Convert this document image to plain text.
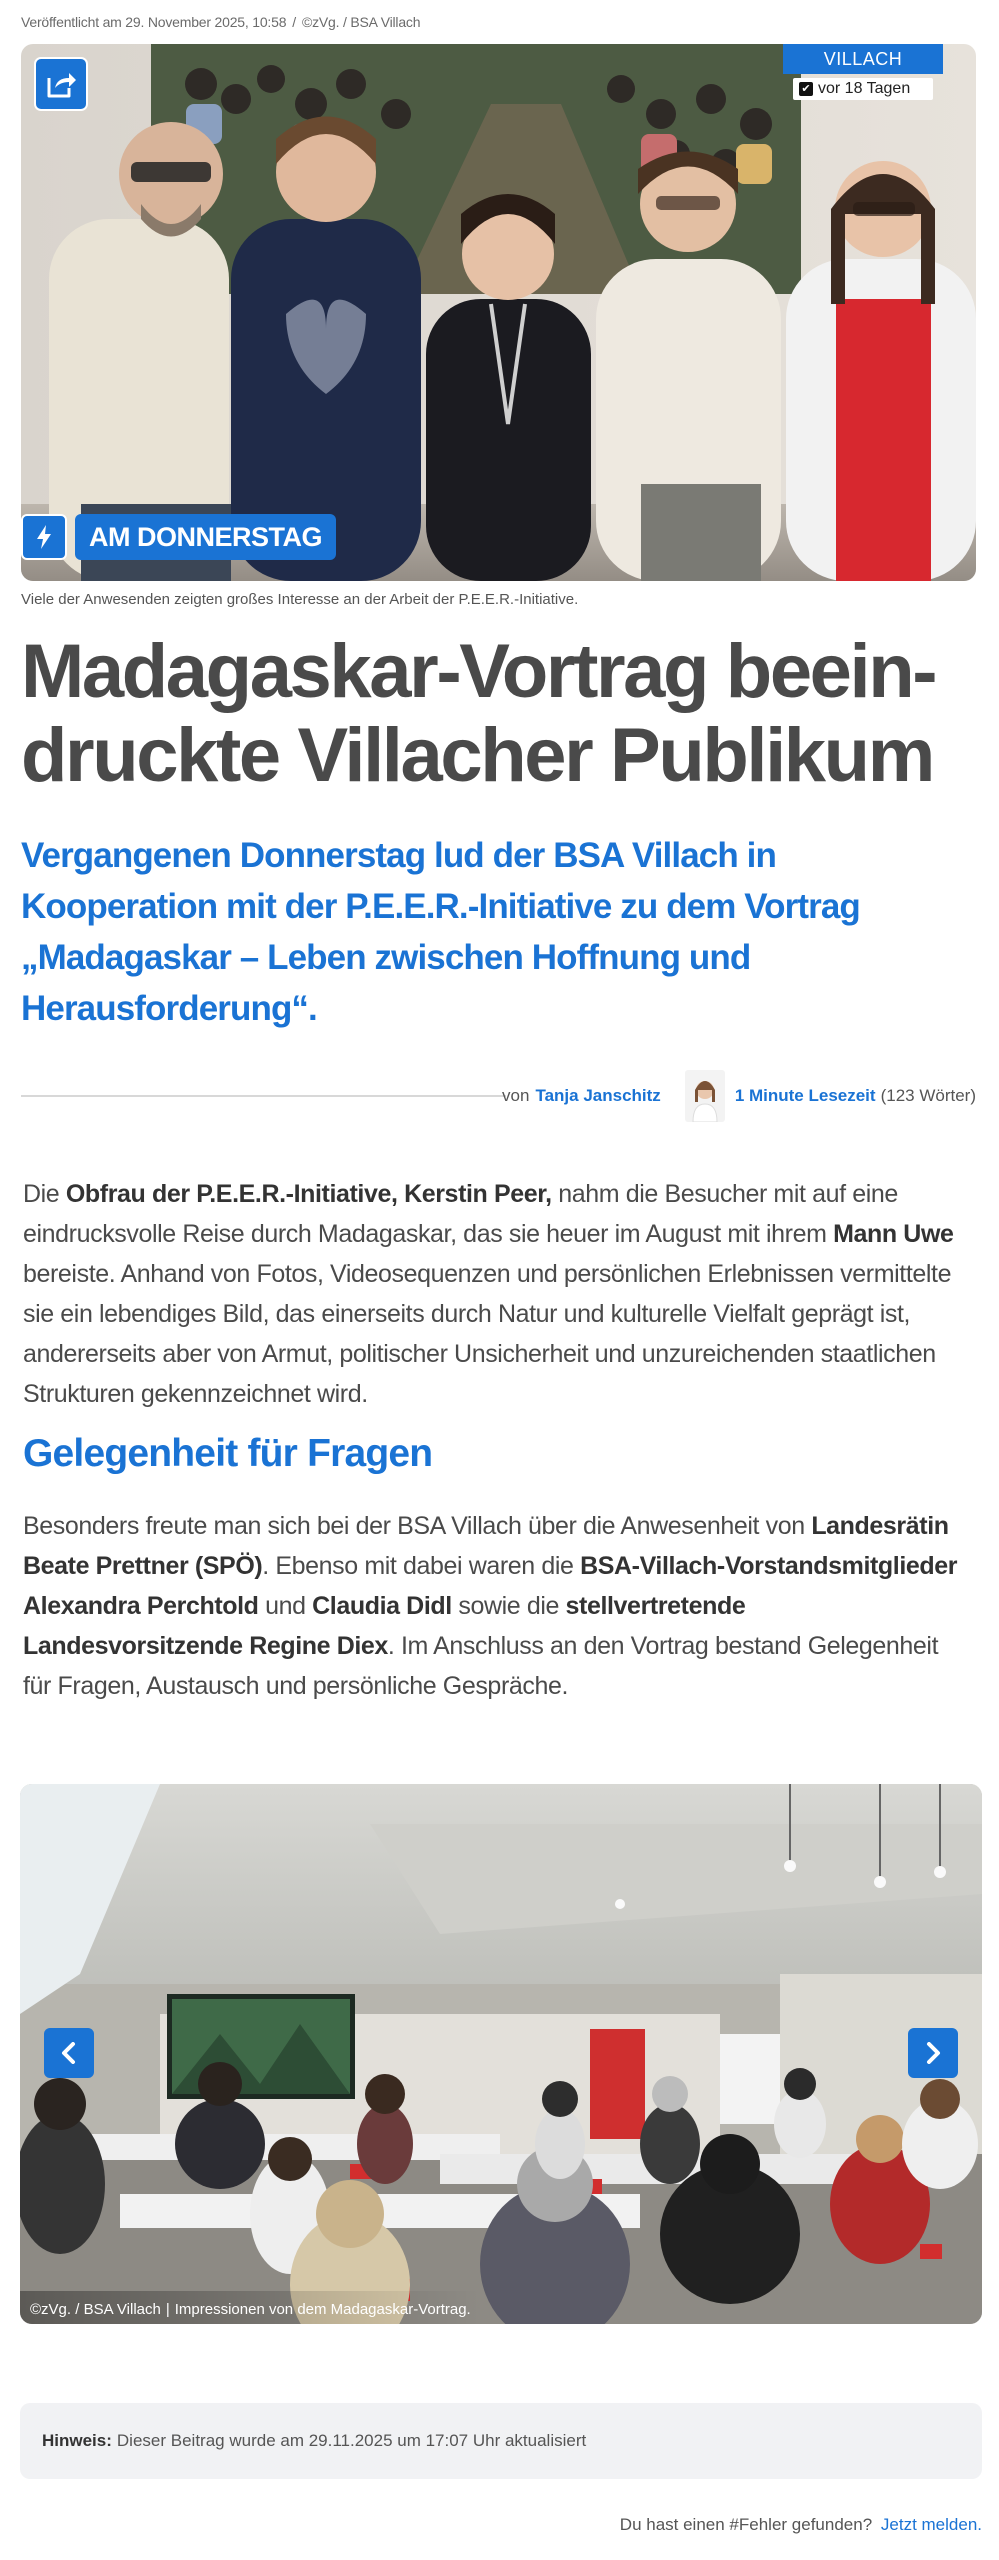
Veröffentlicht am 29. November 2025, 10:58 / ©zVg. / BSA Villach
VILLACH
✔ vor 18 Tagen
AM DONNERSTAG
Viele der Anwesenden zeigten großes Interesse an der Arbeit der P.E.E.R.-Initiative.
Madagaskar-Vortrag beein-druckte Villacher Publikum

Vergangenen Donnerstag lud der BSA Villach in Kooperation mit der P.E.E.R.-Initiative zu dem Vortrag „Madagaskar – Leben zwischen Hoffnung und Herausforderung“.

von Tanja Janschitz	1 Minute Lesezeit (123 Wörter)

Die Obfrau der P.E.E.R.-Initiative, Kerstin Peer, nahm die Besucher mit auf eine eindrucksvolle Reise durch Madagaskar, das sie heuer im August mit ihrem Mann Uwe bereiste. Anhand von Fotos, Videosequenzen und persönlichen Erlebnissen vermittelte sie ein lebendiges Bild, das einerseits durch Natur und kulturelle Vielfalt geprägt ist, andererseits aber von Armut, politischer Unsicherheit und unzureichenden staatlichen Strukturen gekennzeichnet wird.

Gelegenheit für Fragen

Besonders freute man sich bei der BSA Villach über die Anwesenheit von Landesrätin Beate Prettner (SPÖ). Ebenso mit dabei waren die BSA-Villach-Vorstandsmitglieder Alexandra Perchtold und Claudia Didl sowie die stellvertretende Landesvorsitzende Regine Diex. Im Anschluss an den Vortrag bestand Gelegenheit für Fragen, Austausch und persönliche Gespräche.

©zVg. / BSA Villach | Impressionen von dem Madagaskar-Vortrag.
Hinweis: Dieser Beitrag wurde am 29.11.2025 um 17:07 Uhr aktualisiert
Du hast einen #Fehler gefunden? Jetzt melden.
